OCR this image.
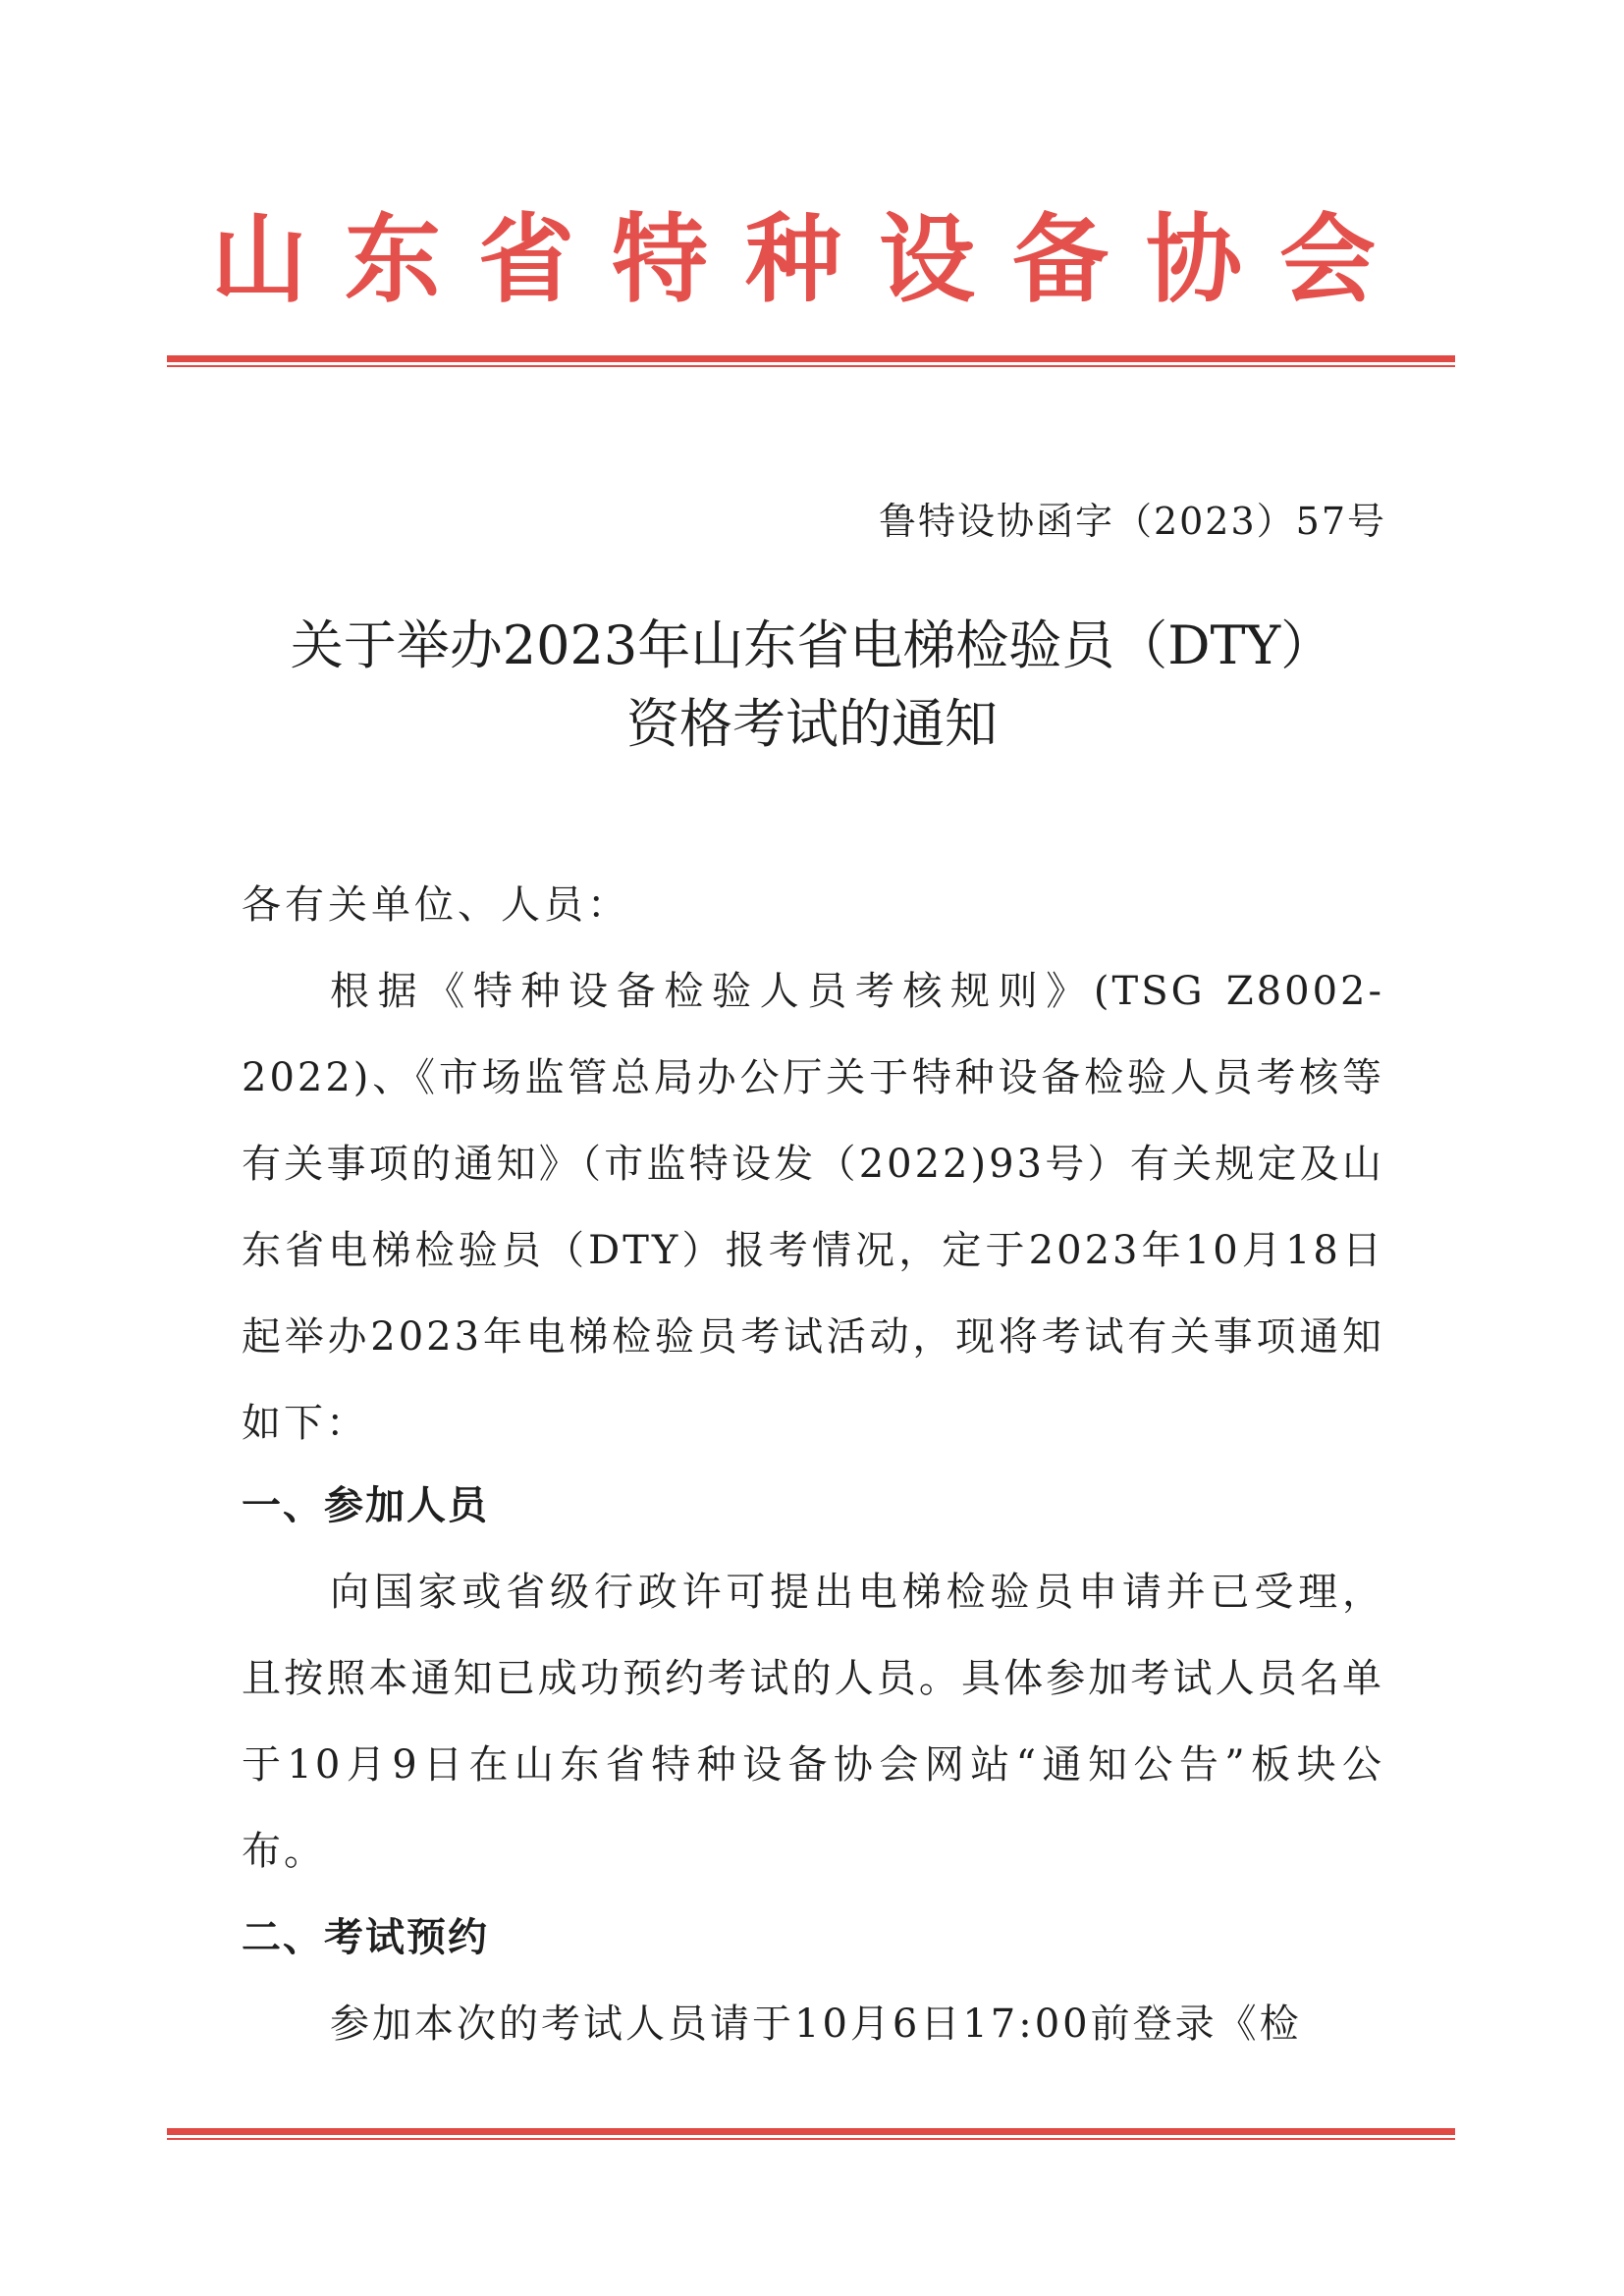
山东省特种设备协会
鲁特设协函字（2023）57号
关于举办2023年山东省电梯检验员（DTY）
资格考试的通知
各有关单位、人员：

根据《特种设备检验人员考核规则》(TSG Z8002-2022)、《市场监管总局办公厅关于特种设备检验人员考核等有关事项的通知》（市监特设发（2022)93号）有关规定及山东省电梯检验员（DTY）报考情况，定于2023年10月18日起举办2023年电梯检验员考试活动，现将考试有关事项通知如下：

一、参加人员

向国家或省级行政许可提出电梯检验员申请并已受理，且按照本通知已成功预约考试的人员。具体参加考试人员名单于10月9日在山东省特种设备协会网站“通知公告”板块公布。

二、考试预约

参加本次的考试人员请于10月6日17:00前登录《检
